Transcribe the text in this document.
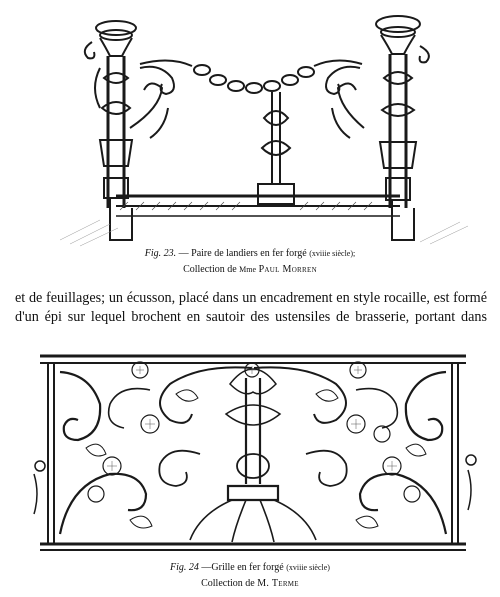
Fig. 23. — Paire de landiers en fer forgé (xviiie siècle);
Collection de Mme Paul Morren
et de feuillages; un écusson, placé dans un encadrement en style rocaille, est formé
d'un épi sur lequel brochent en sautoir des ustensiles de brasserie, portant dans
Fig. 24 —Grille en fer forgé (xviiie siècle)
Collection de M. Terme
